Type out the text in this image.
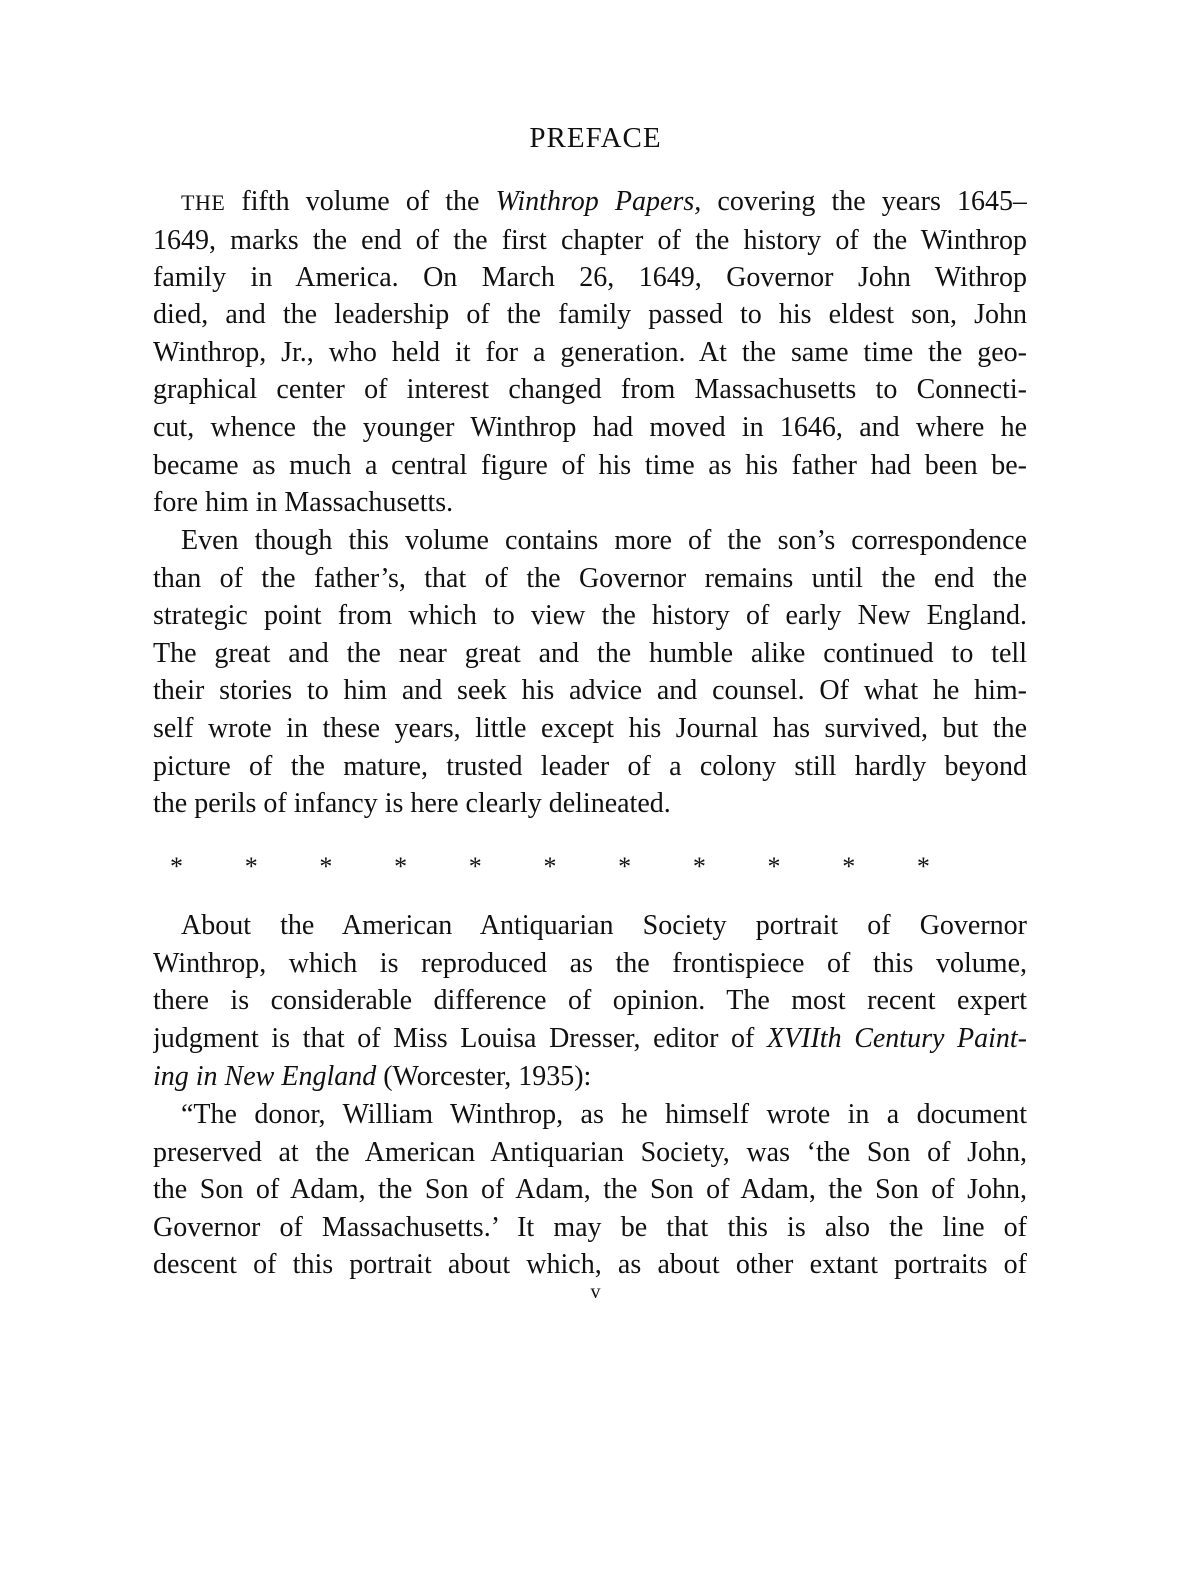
PREFACE

THE fifth volume of the Winthrop Papers, covering the years 1645–

1649, marks the end of the first chapter of the history of the Winthrop

family in America. On March 26, 1649, Governor John Withrop

died, and the leadership of the family passed to his eldest son, John

Winthrop, Jr., who held it for a generation. At the same time the geo-

graphical center of interest changed from Massachusetts to Connecti-

cut, whence the younger Winthrop had moved in 1646, and where he

became as much a central figure of his time as his father had been be-

fore him in Massachusetts.

Even though this volume contains more of the son’s correspondence

than of the father’s, that of the Governor remains until the end the

strategic point from which to view the history of early New England.

The great and the near great and the humble alike continued to tell

their stories to him and seek his advice and counsel. Of what he him-

self wrote in these years, little except his Journal has survived, but the

picture of the mature, trusted leader of a colony still hardly beyond

the perils of infancy is here clearly delineated.

* * * * * * * * * * *

About the American Antiquarian Society portrait of Governor

Winthrop, which is reproduced as the frontispiece of this volume,

there is considerable difference of opinion. The most recent expert

judgment is that of Miss Louisa Dresser, editor of XVIIth Century Paint-

ing in New England (Worcester, 1935):

“The donor, William Winthrop, as he himself wrote in a document

preserved at the American Antiquarian Society, was ‘the Son of John,

the Son of Adam, the Son of Adam, the Son of Adam, the Son of John,

Governor of Massachusetts.’ It may be that this is also the line of

descent of this portrait about which, as about other extant portraits of

v
